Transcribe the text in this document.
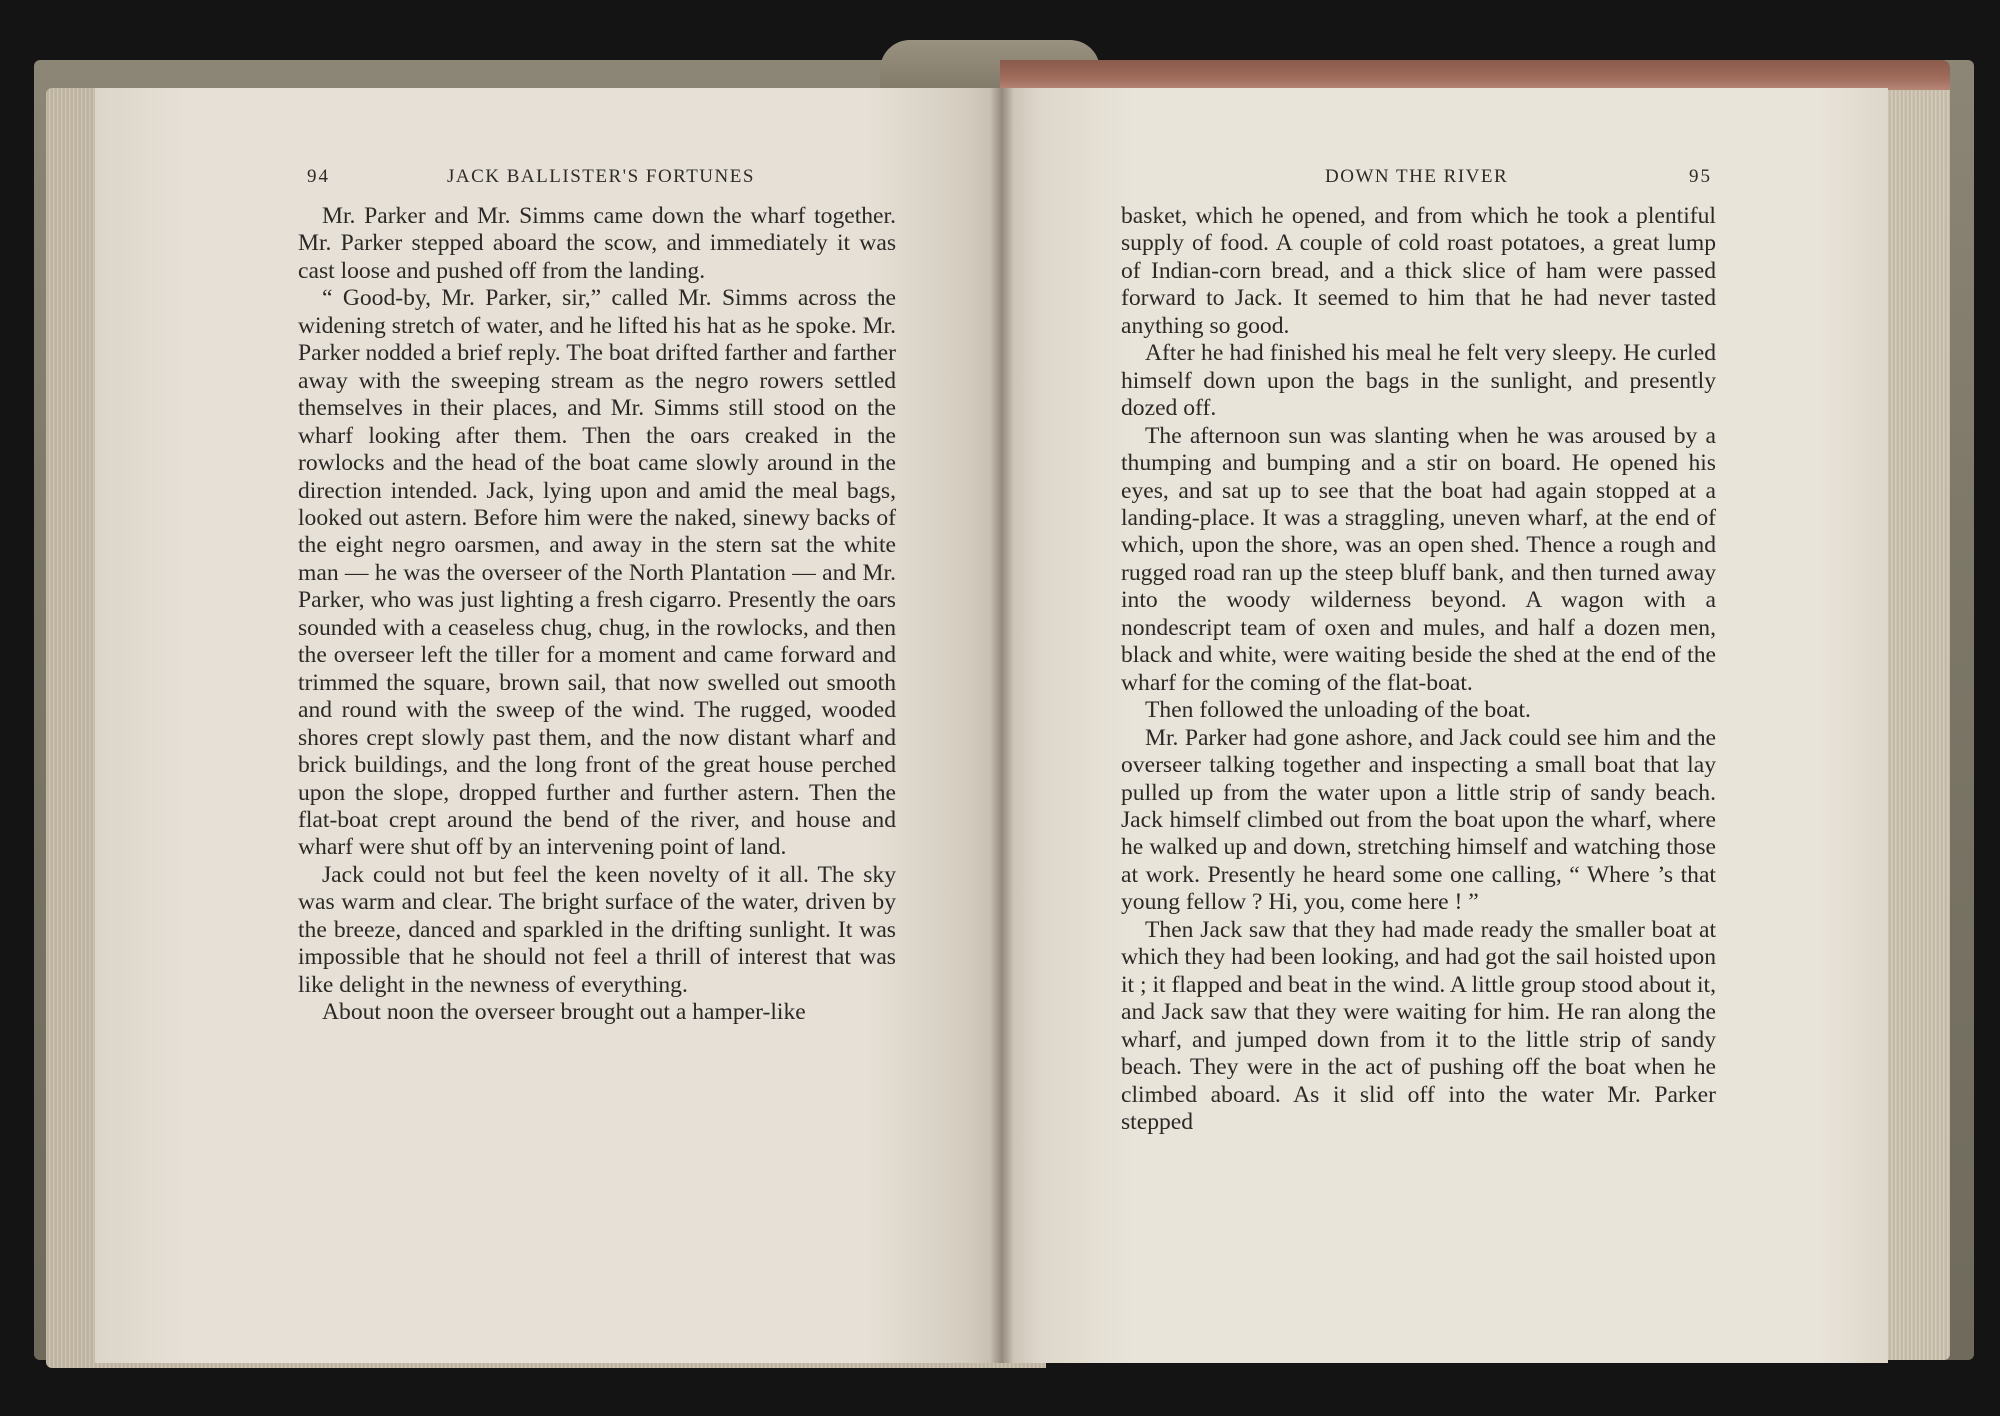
94	JACK BALLISTER'S FORTUNES

Mr. Parker and Mr. Simms came down the wharf together. Mr. Parker stepped aboard the scow, and immediately it was cast loose and pushed off from the landing.

“ Good-by, Mr. Parker, sir,” called Mr. Simms across the widening stretch of water, and he lifted his hat as he spoke. Mr. Parker nodded a brief reply. The boat drifted farther and farther away with the sweeping stream as the negro rowers settled themselves in their places, and Mr. Simms still stood on the wharf looking after them. Then the oars creaked in the rowlocks and the head of the boat came slowly around in the direction intended. Jack, lying upon and amid the meal bags, looked out astern. Before him were the naked, sinewy backs of the eight negro oarsmen, and away in the stern sat the white man — he was the overseer of the North Plantation — and Mr. Parker, who was just lighting a fresh cigarro. Presently the oars sounded with a ceaseless chug, chug, in the rowlocks, and then the overseer left the tiller for a moment and came forward and trimmed the square, brown sail, that now swelled out smooth and round with the sweep of the wind. The rugged, wooded shores crept slowly past them, and the now distant wharf and brick buildings, and the long front of the great house perched upon the slope, dropped further and further astern. Then the flat-boat crept around the bend of the river, and house and wharf were shut off by an intervening point of land.

Jack could not but feel the keen novelty of it all. The sky was warm and clear. The bright surface of the water, driven by the breeze, danced and sparkled in the drifting sunlight. It was impossible that he should not feel a thrill of interest that was like delight in the newness of everything.

About noon the overseer brought out a hamper-like

DOWN THE RIVER	95

basket, which he opened, and from which he took a plentiful supply of food. A couple of cold roast potatoes, a great lump of Indian-corn bread, and a thick slice of ham were passed forward to Jack. It seemed to him that he had never tasted anything so good.

After he had finished his meal he felt very sleepy. He curled himself down upon the bags in the sunlight, and presently dozed off.

The afternoon sun was slanting when he was aroused by a thumping and bumping and a stir on board. He opened his eyes, and sat up to see that the boat had again stopped at a landing-place. It was a straggling, uneven wharf, at the end of which, upon the shore, was an open shed. Thence a rough and rugged road ran up the steep bluff bank, and then turned away into the woody wilderness beyond. A wagon with a nondescript team of oxen and mules, and half a dozen men, black and white, were waiting beside the shed at the end of the wharf for the coming of the flat-boat.

Then followed the unloading of the boat.

Mr. Parker had gone ashore, and Jack could see him and the overseer talking together and inspecting a small boat that lay pulled up from the water upon a little strip of sandy beach. Jack himself climbed out from the boat upon the wharf, where he walked up and down, stretching himself and watching those at work. Presently he heard some one calling, “ Where ’s that young fellow ? Hi, you, come here ! ”

Then Jack saw that they had made ready the smaller boat at which they had been looking, and had got the sail hoisted upon it ; it flapped and beat in the wind. A little group stood about it, and Jack saw that they were waiting for him. He ran along the wharf, and jumped down from it to the little strip of sandy beach. They were in the act of pushing off the boat when he climbed aboard. As it slid off into the water Mr. Parker stepped
